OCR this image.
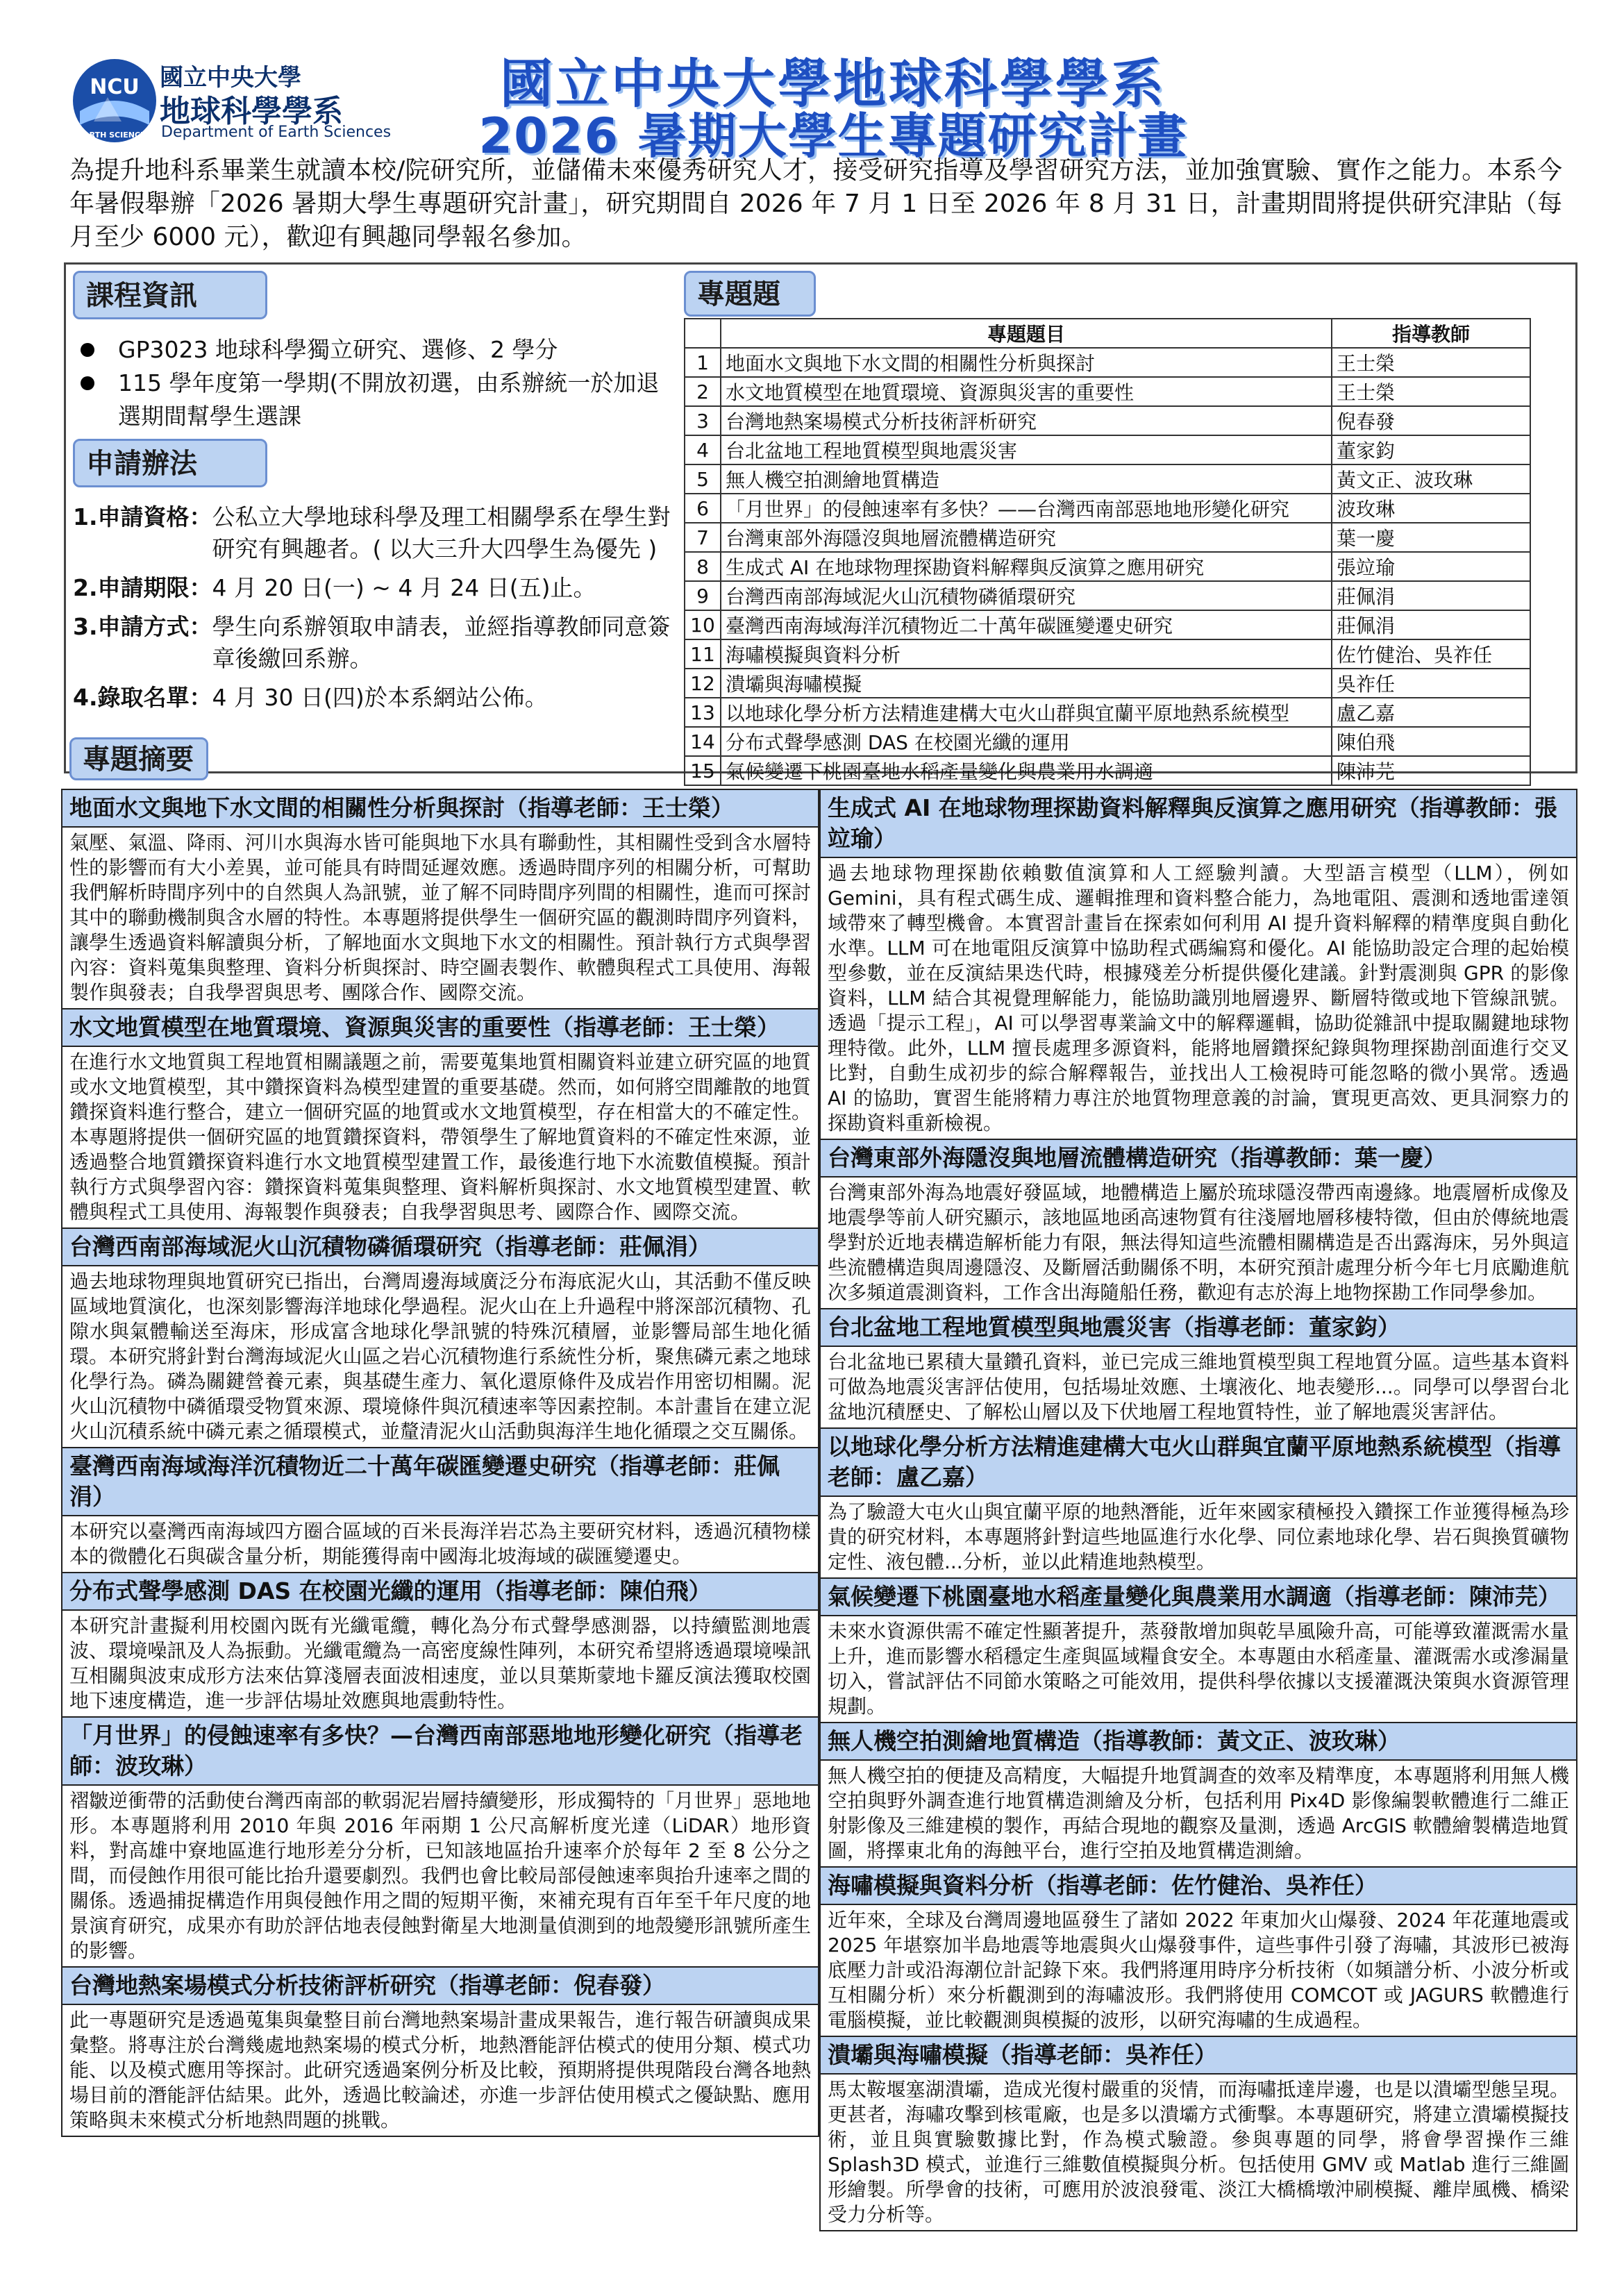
NCU
EARTH SCIENCES
國立中央大學
地球科學學系
Department of Earth Sciences
國立中央大學地球科學學系
2026 暑期大學生專題研究計畫
為提升地科系畢業生就讀本校/院研究所，並儲備未來優秀研究人才，接受研究指導及學習研究方法，並加強實驗、實作之能力。本系今年暑假舉辦「2026 暑期大學生專題研究計畫」，研究期間自 2026 年 7 月 1 日至 2026 年 8 月 31 日，計畫期間將提供研究津貼（每月至少 6000 元），歡迎有興趣同學報名參加。
課程資訊
GP3023 地球科學獨立研究、選修、2 學分
115 學年度第一學期(不開放初選，由系辦統一於加退選期間幫學生選課
申請辦法
1.申請資格： 公私立大學地球科學及理工相關學系在學生對研究有興趣者。( 以大三升大四學生為優先 )
2.申請期限： 4 月 20 日(一) ~ 4 月 24 日(五)止。
3.申請方式： 學生向系辦領取申請表，並經指導教師同意簽章後繳回系辦。
4.錄取名單： 4 月 30 日(四)於本系網站公佈。
專題題
	專題題目	指導教師
1	地面水文與地下水文間的相關性分析與探討	王士榮
2	水文地質模型在地質環境、資源與災害的重要性	王士榮
3	台灣地熱案場模式分析技術評析研究	倪春發
4	台北盆地工程地質模型與地震災害	董家鈞
5	無人機空拍測繪地質構造	黃文正、波玫琳
6	「月世界」的侵蝕速率有多快？——台灣西南部惡地地形變化研究	波玫琳
7	台灣東部外海隱沒與地層流體構造研究	葉一慶
8	生成式 AI 在地球物理探勘資料解釋與反演算之應用研究	張竝瑜
9	台灣西南部海域泥火山沉積物磷循環研究	莊佩涓
10	臺灣西南海域海洋沉積物近二十萬年碳匯變遷史研究	莊佩涓
11	海嘯模擬與資料分析	佐竹健治、吳祚任
12	潰壩與海嘯模擬	吳祚任
13	以地球化學分析方法精進建構大屯火山群與宜蘭平原地熱系統模型	盧乙嘉
14	分布式聲學感測 DAS 在校園光纖的運用	陳伯飛
15	氣候變遷下桃園臺地水稻產量變化與農業用水調適	陳沛芫
專題摘要
地面水文與地下水文間的相關性分析與探討（指導老師：王士榮）
氣壓、氣溫、降雨、河川水與海水皆可能與地下水具有聯動性，其相關性受到含水層特性的影響而有大小差異，並可能具有時間延遲效應。透過時間序列的相關分析，可幫助我們解析時間序列中的自然與人為訊號，並了解不同時間序列間的相關性，進而可探討其中的聯動機制與含水層的特性。本專題將提供學生一個研究區的觀測時間序列資料，讓學生透過資料解讀與分析，了解地面水文與地下水文的相關性。預計執行方式與學習內容：資料蒐集與整理、資料分析與探討、時空圖表製作、軟體與程式工具使用、海報製作與發表；自我學習與思考、團隊合作、國際交流。
水文地質模型在地質環境、資源與災害的重要性（指導老師：王士榮）
在進行水文地質與工程地質相關議題之前，需要蒐集地質相關資料並建立研究區的地質或水文地質模型，其中鑽探資料為模型建置的重要基礎。然而，如何將空間離散的地質鑽探資料進行整合，建立一個研究區的地質或水文地質模型，存在相當大的不確定性。本專題將提供一個研究區的地質鑽探資料，帶領學生了解地質資料的不確定性來源，並透過整合地質鑽探資料進行水文地質模型建置工作，最後進行地下水流數值模擬。預計執行方式與學習內容：鑽探資料蒐集與整理、資料解析與探討、水文地質模型建置、軟體與程式工具使用、海報製作與發表；自我學習與思考、國際合作、國際交流。
台灣西南部海域泥火山沉積物磷循環研究（指導老師：莊佩涓）
過去地球物理與地質研究已指出，台灣周邊海域廣泛分布海底泥火山，其活動不僅反映區域地質演化，也深刻影響海洋地球化學過程。泥火山在上升過程中將深部沉積物、孔隙水與氣體輸送至海床，形成富含地球化學訊號的特殊沉積層，並影響局部生地化循環。本研究將針對台灣海域泥火山區之岩心沉積物進行系統性分析，聚焦磷元素之地球化學行為。磷為關鍵營養元素，與基礎生產力、氧化還原條件及成岩作用密切相關。泥火山沉積物中磷循環受物質來源、環境條件與沉積速率等因素控制。本計畫旨在建立泥火山沉積系統中磷元素之循環模式，並釐清泥火山活動與海洋生地化循環之交互關係。
臺灣西南海域海洋沉積物近二十萬年碳匯變遷史研究（指導老師：莊佩涓）
本研究以臺灣西南海域四方圈合區域的百米長海洋岩芯為主要研究材料，透過沉積物樣本的微體化石與碳含量分析，期能獲得南中國海北坡海域的碳匯變遷史。
分布式聲學感測 DAS 在校園光纖的運用（指導老師：陳伯飛）
本研究計畫擬利用校園內既有光纖電纜，轉化為分布式聲學感測器，以持續監測地震波、環境噪訊及人為振動。光纖電纜為一高密度線性陣列，本研究希望將透過環境噪訊互相關與波束成形方法來估算淺層表面波相速度，並以貝葉斯蒙地卡羅反演法獲取校園地下速度構造，進一步評估場址效應與地震動特性。
「月世界」的侵蝕速率有多快？—台灣西南部惡地地形變化研究（指導老師：波玫琳）
褶皺逆衝帶的活動使台灣西南部的軟弱泥岩層持續變形，形成獨特的「月世界」惡地地形。本專題將利用 2010 年與 2016 年兩期 1 公尺高解析度光達（LiDAR）地形資料，對高雄中寮地區進行地形差分分析，已知該地區抬升速率介於每年 2 至 8 公分之間，而侵蝕作用很可能比抬升還要劇烈。我們也會比較局部侵蝕速率與抬升速率之間的關係。透過捕捉構造作用與侵蝕作用之間的短期平衡，來補充現有百年至千年尺度的地景演育研究，成果亦有助於評估地表侵蝕對衛星大地測量偵測到的地殼變形訊號所產生的影響。
台灣地熱案場模式分析技術評析研究（指導老師：倪春發）
此一專題研究是透過蒐集與彙整目前台灣地熱案場計畫成果報告，進行報告研讀與成果彙整。將專注於台灣幾處地熱案場的模式分析，地熱潛能評估模式的使用分類、模式功能、以及模式應用等探討。此研究透過案例分析及比較，預期將提供現階段台灣各地熱場目前的潛能評估結果。此外，透過比較論述，亦進一步評估使用模式之優缺點、應用策略與未來模式分析地熱問題的挑戰。
生成式 AI 在地球物理探勘資料解釋與反演算之應用研究（指導教師：張竝瑜）
過去地球物理探勘依賴數值演算和人工經驗判讀。大型語言模型（LLM），例如 Gemini，具有程式碼生成、邏輯推理和資料整合能力，為地電阻、震測和透地雷達領域帶來了轉型機會。本實習計畫旨在探索如何利用 AI 提升資料解釋的精準度與自動化水準。LLM 可在地電阻反演算中協助程式碼編寫和優化。AI 能協助設定合理的起始模型參數，並在反演結果迭代時，根據殘差分析提供優化建議。針對震測與 GPR 的影像資料，LLM 結合其視覺理解能力，能協助識別地層邊界、斷層特徵或地下管線訊號。透過「提示工程」，AI 可以學習專業論文中的解釋邏輯，協助從雜訊中提取關鍵地球物理特徵。此外，LLM 擅長處理多源資料，能將地層鑽探紀錄與物理探勘剖面進行交叉比對，自動生成初步的綜合解釋報告，並找出人工檢視時可能忽略的微小異常。透過 AI 的協助，實習生能將精力專注於地質物理意義的討論，實現更高效、更具洞察力的探勘資料重新檢視。
台灣東部外海隱沒與地層流體構造研究（指導教師：葉一慶）
台灣東部外海為地震好發區域，地體構造上屬於琉球隱沒帶西南邊緣。地震層析成像及地震學等前人研究顯示，該地區地函高速物質有往淺層地層移棲特徵，但由於傳統地震學對於近地表構造解析能力有限，無法得知這些流體相關構造是否出露海床，另外與這些流體構造與周邊隱沒、及斷層活動關係不明，本研究預計處理分析今年七月底勵進航次多頻道震測資料，工作含出海隨船任務，歡迎有志於海上地物探勘工作同學參加。
台北盆地工程地質模型與地震災害（指導老師：董家鈞）
台北盆地已累積大量鑽孔資料，並已完成三維地質模型與工程地質分區。這些基本資料可做為地震災害評估使用，包括場址效應、土壤液化、地表變形...。同學可以學習台北盆地沉積歷史、了解松山層以及下伏地層工程地質特性，並了解地震災害評估。
以地球化學分析方法精進建構大屯火山群與宜蘭平原地熱系統模型（指導老師：盧乙嘉）
為了驗證大屯火山與宜蘭平原的地熱潛能，近年來國家積極投入鑽探工作並獲得極為珍貴的研究材料，本專題將針對這些地區進行水化學、同位素地球化學、岩石與換質礦物定性、液包體...分析，並以此精進地熱模型。
氣候變遷下桃園臺地水稻產量變化與農業用水調適（指導老師：陳沛芫）
未來水資源供需不確定性顯著提升，蒸發散增加與乾旱風險升高，可能導致灌溉需水量上升，進而影響水稻穩定生產與區域糧食安全。本專題由水稻產量、灌溉需水或滲漏量切入，嘗試評估不同節水策略之可能效用，提供科學依據以支援灌溉決策與水資源管理規劃。
無人機空拍測繪地質構造（指導教師：黃文正、波玫琳）
無人機空拍的便捷及高精度，大幅提升地質調查的效率及精準度，本專題將利用無人機空拍與野外調查進行地質構造測繪及分析，包括利用 Pix4D 影像編製軟體進行二維正射影像及三維建模的製作，再結合現地的觀察及量測，透過 ArcGIS 軟體繪製構造地質圖，將擇東北角的海蝕平台，進行空拍及地質構造測繪。
海嘯模擬與資料分析（指導老師：佐竹健治、吳祚任）
近年來，全球及台灣周邊地區發生了諸如 2022 年東加火山爆發、2024 年花蓮地震或 2025 年堪察加半島地震等地震與火山爆發事件，這些事件引發了海嘯，其波形已被海底壓力計或沿海潮位計記錄下來。我們將運用時序分析技術（如頻譜分析、小波分析或互相關分析）來分析觀測到的海嘯波形。我們將使用 COMCOT 或 JAGURS 軟體進行電腦模擬，並比較觀測與模擬的波形，以研究海嘯的生成過程。
潰壩與海嘯模擬（指導老師：吳祚任）
馬太鞍堰塞湖潰壩，造成光復村嚴重的災情，而海嘯抵達岸邊，也是以潰壩型態呈現。更甚者，海嘯攻擊到核電廠，也是多以潰壩方式衝擊。本專題研究，將建立潰壩模擬技術，並且與實驗數據比對，作為模式驗證。參與專題的同學，將會學習操作三維 Splash3D 模式，並進行三維數值模擬與分析。包括使用 GMV 或 Matlab 進行三維圖形繪製。所學會的技術，可應用於波浪發電、淡江大橋橋墩沖刷模擬、離岸風機、橋梁受力分析等。
